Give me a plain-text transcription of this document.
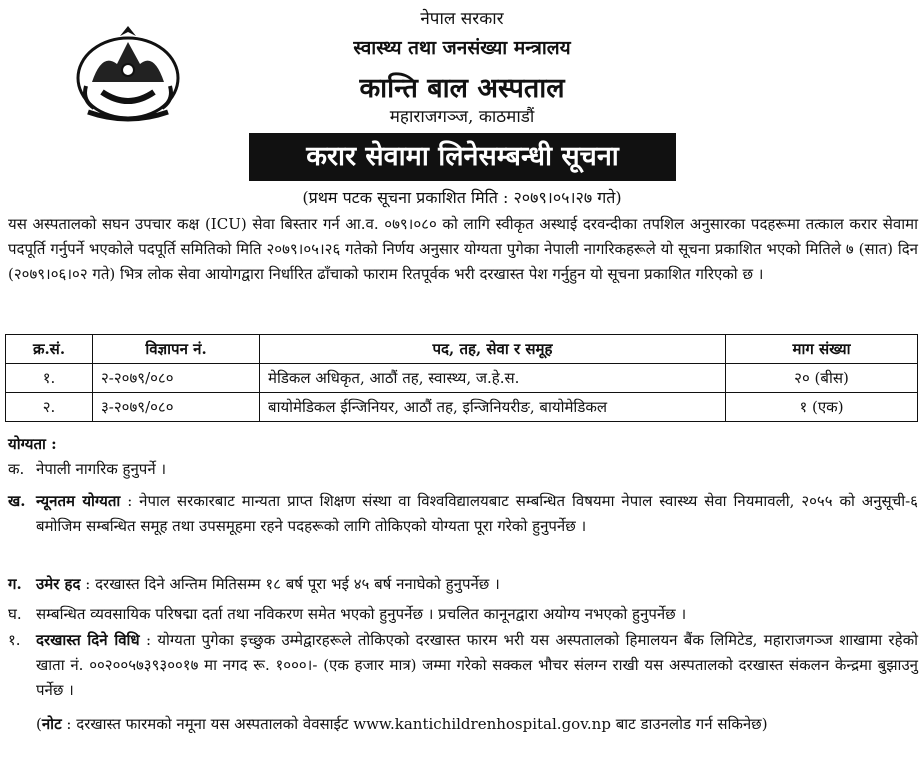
नेपाल सरकार
स्वास्थ्य तथा जनसंख्या मन्त्रालय
कान्ति बाल अस्पताल
महाराजगञ्ज, काठमाडौं
करार सेवामा लिनेसम्बन्धी सूचना
(प्रथम पटक सूचना प्रकाशित मिति : २०७९।०५।२७ गते)
यस अस्पतालको सघन उपचार कक्ष (ICU) सेवा बिस्तार गर्न आ.व. ०७९।०८० को लागि स्वीकृत अस्थाई दरवन्दीका तपशिल अनुसारका पदहरूमा तत्काल करार सेवामा पदपूर्ति गर्नुपर्ने भएकोले पदपूर्ति समितिको मिति २०७९।०५।२६ गतेको निर्णय अनुसार योग्यता पुगेका नेपाली नागरिकहरूले यो सूचना प्रकाशित भएको मितिले ७ (सात) दिन (२०७९।०६।०२ गते) भित्र लोक सेवा आयोगद्वारा निर्धारित ढाँचाको फाराम रितपूर्वक भरी दरखास्त पेश गर्नुहुन यो सूचना प्रकाशित गरिएको छ ।
क्र.सं.	विज्ञापन नं.	पद, तह, सेवा र समूह	माग संख्या
१.	२-२०७९/०८०	मेडिकल अधिकृत, आठौं तह, स्वास्थ्य, ज.हे.स.	२० (बीस)
२.	३-२०७९/०८०	बायोमेडिकल ईन्जिनियर, आठौं तह, इन्जिनियरीङ, बायोमेडिकल	१ (एक)
योग्यता :
क. नेपाली नागरिक हुनुपर्ने ।
ख. न्यूनतम योग्यता : नेपाल सरकारबाट मान्यता प्राप्त शिक्षण संस्था वा विश्वविद्यालयबाट सम्बन्धित विषयमा नेपाल स्वास्थ्य सेवा नियमावली, २०५५ को अनुसूची-६ बमोजिम सम्बन्धित समूह तथा उपसमूहमा रहने पदहरूको लागि तोकिएको योग्यता पूरा गरेको हुनुपर्नेछ ।
ग. उमेर हद : दरखास्त दिने अन्तिम मितिसम्म १८ बर्ष पूरा भई ४५ बर्ष ननाघेको हुनुपर्नेछ ।
घ. सम्बन्धित व्यवसायिक परिषद्मा दर्ता तथा नविकरण समेत भएको हुनुपर्नेछ । प्रचलित कानूनद्वारा अयोग्य नभएको हुनुपर्नेछ ।
१. दरखास्त दिने विधि : योग्यता पुगेका इच्छुक उम्मेद्वारहरूले तोकिएको दरखास्त फारम भरी यस अस्पतालको हिमालयन बैंक लिमिटेड, महाराजगञ्ज शाखामा रहेको खाता नं. ००२००५७३९३००१७ मा नगद रू. १०००।- (एक हजार मात्र) जम्मा गरेको सक्कल भौचर संलग्न राखी यस अस्पतालको दरखास्त संकलन केन्द्रमा बुझाउनु पर्नेछ ।
(नोट : दरखास्त फारमको नमूना यस अस्पतालको वेवसाईट www.kantichildrenhospital.gov.np बाट डाउनलोड गर्न सकिनेछ)
